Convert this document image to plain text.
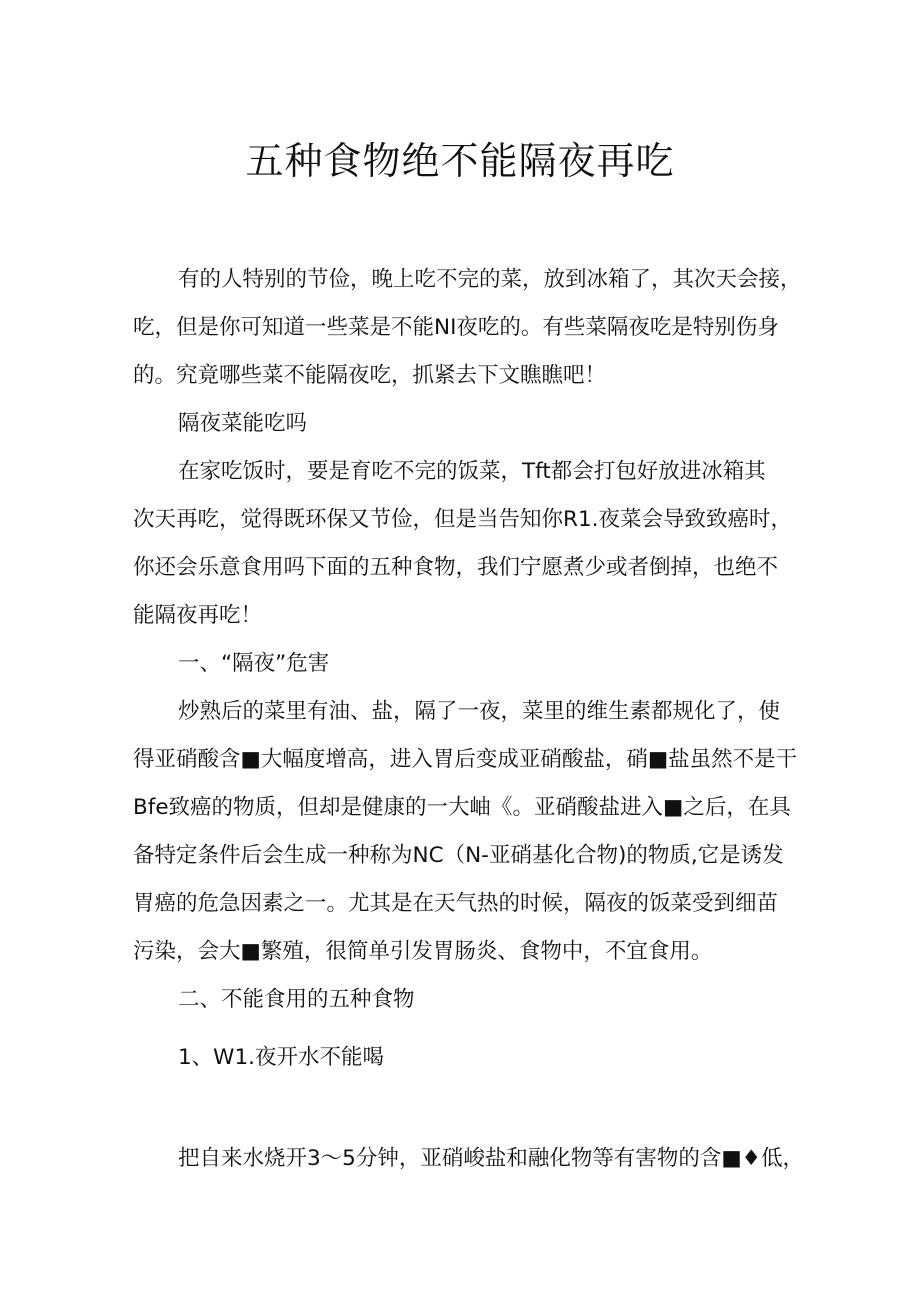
五种食物绝不能隔夜再吃
有的人特别的节俭，晚上吃不完的菜，放到冰箱了，其次天会接，
吃，但是你可知道一些菜是不能NI夜吃的。有些菜隔夜吃是特别伤身
的。究竟哪些菜不能隔夜吃，抓紧去下文瞧瞧吧！
隔夜菜能吃吗
在家吃饭时，要是育吃不完的饭菜，Tft都会打包好放进冰箱其
次天再吃，觉得既环保又节俭，但是当告知你R1.夜菜会导致致癌时，
你还会乐意食用吗下面的五种食物，我们宁愿煮少或者倒掉，也绝不
能隔夜再吃！
一、“隔夜”危害
炒熟后的菜里有油、盐，隔了一夜，菜里的维生素都规化了，使
得亚硝酸含■大幅度增高，进入胃后变成亚硝酸盐，硝■盐虽然不是干
Bfe致癌的物质，但却是健康的一大岫《。亚硝酸盐进入■之后，在具
备特定条件后会生成一种称为NC（N-亚硝基化合物)的物质,它是诱发
胃癌的危急因素之一。尤其是在天气热的时候，隔夜的饭菜受到细苗
污染，会大■繁殖，很简单引发胃肠炎、食物中，不宜食用。
二、不能食用的五种食物
1、W1.夜开水不能喝
把自来水烧开3～5分钟，亚硝峻盐和融化物等有害物的含■♦低，
